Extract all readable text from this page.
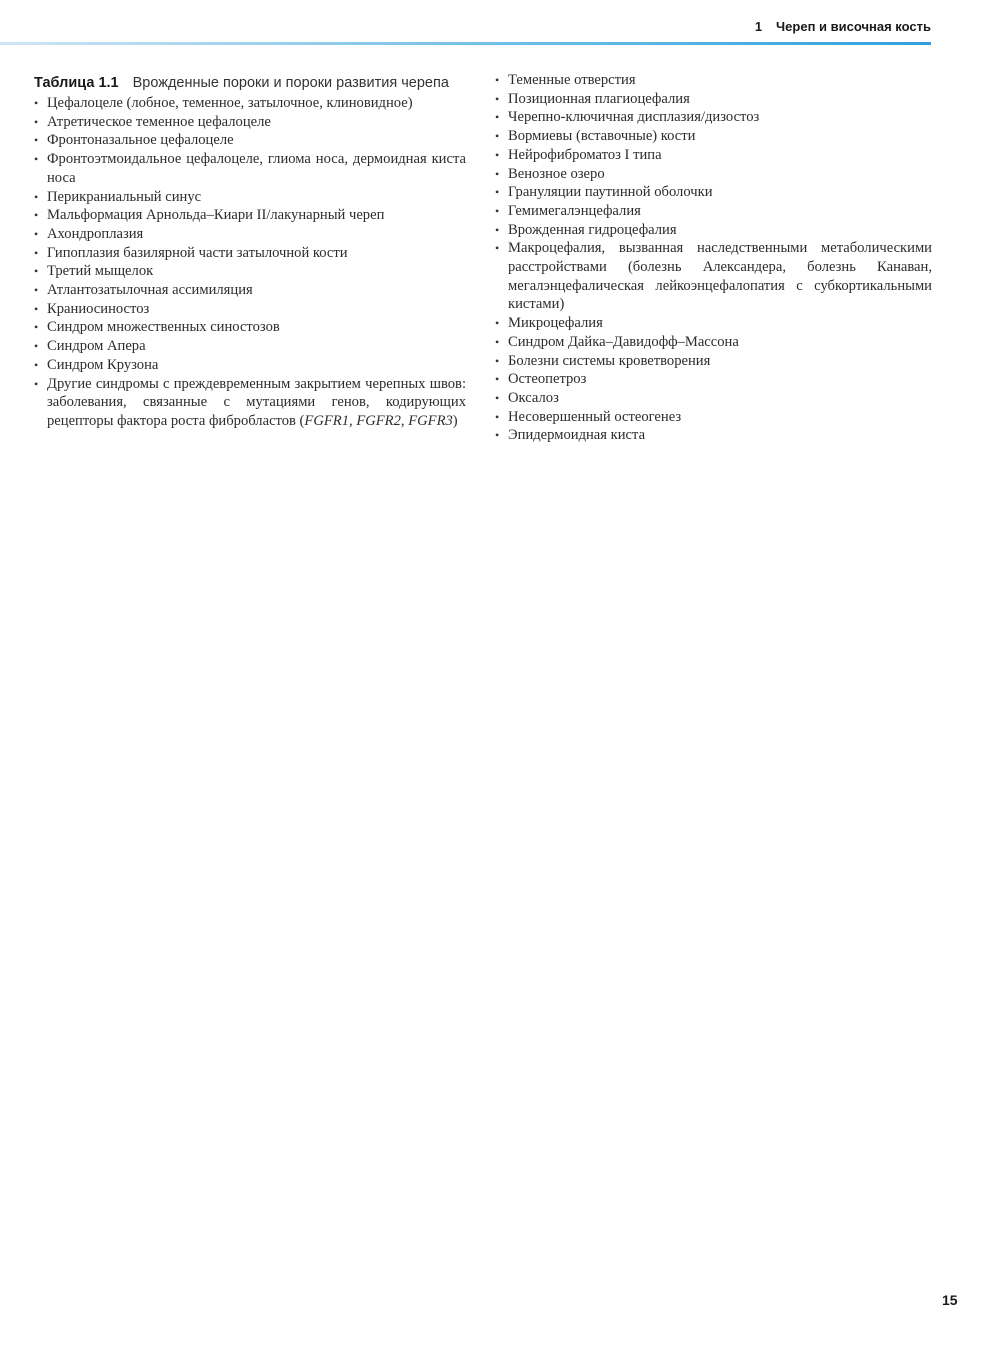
1 Череп и височная кость
Таблица 1.1 Врожденные пороки и пороки развития черепа
• Цефалоцеле (лобное, теменное, затылочное, клиновидное)
• Атретическое теменное цефалоцеле
• Фронтоназальное цефалоцеле
• Фронтоэтмоидальное цефалоцеле, глиома носа, дермоидная киста носа
• Перикраниальный синус
• Мальформация Арнольда–Киари II/лакунарный череп
• Ахондроплазия
• Гипоплазия базилярной части затылочной кости
• Третий мыщелок
• Атлантозатылочная ассимиляция
• Краниосиностоз
• Синдром множественных синостозов
• Синдром Апера
• Синдром Крузона
• Другие синдромы с преждевременным закрытием черепных швов: заболевания, связанные с мутациями генов, кодирующих рецепторы фактора роста фибробластов (FGFR1, FGFR2, FGFR3)
• Теменные отверстия
• Позиционная плагиоцефалия
• Черепно-ключичная дисплазия/дизостоз
• Вормиевы (вставочные) кости
• Нейрофиброматоз I типа
• Венозное озеро
• Грануляции паутинной оболочки
• Гемимегалэнцефалия
• Врожденная гидроцефалия
• Макроцефалия, вызванная наследственными метаболическими расстройствами (болезнь Александера, болезнь Канаван, мегалэнцефалическая лейкоэнцефалопатия с субкортикальными кистами)
• Микроцефалия
• Синдром Дайка–Давидофф–Массона
• Болезни системы кроветворения
• Остеопетроз
• Оксалоз
• Несовершенный остеогенез
• Эпидермоидная киста
15
